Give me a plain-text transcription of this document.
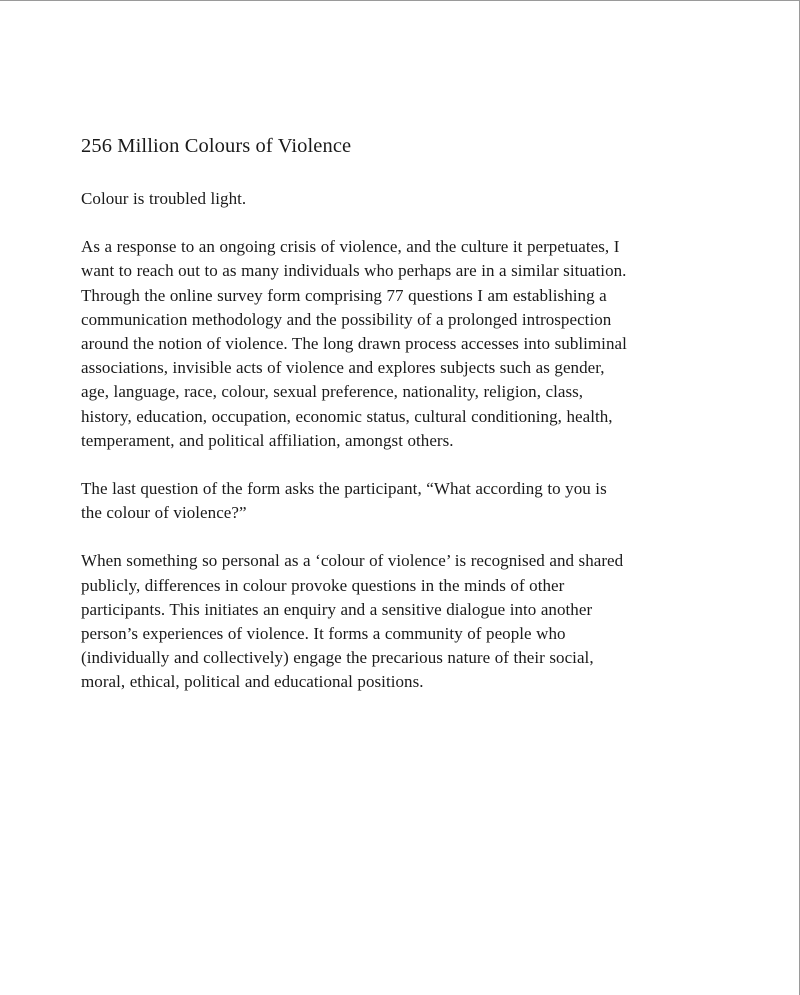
256 Million Colours of Violence

Colour is troubled light.

As a response to an ongoing crisis of violence, and the culture it perpetuates, I want to reach out to as many individuals who perhaps are in a similar situation. Through the online survey form comprising 77 questions I am establishing a communication methodology and the possibility of a prolonged introspection around the notion of violence. The long drawn process accesses into subliminal associations, invisible acts of violence and explores subjects such as gender, age, language, race, colour, sexual preference, nationality, religion, class, history, education, occupation, economic status, cultural conditioning, health, temperament, and political affiliation, amongst others.

The last question of the form asks the participant, “What according to you is the colour of violence?”

When something so personal as a ‘colour of violence’ is recognised and shared publicly, differences in colour provoke questions in the minds of other participants. This initiates an enquiry and a sensitive dialogue into another person’s experiences of violence. It forms a community of people who (individually and collectively) engage the precarious nature of their social, moral, ethical, political and educational positions.
